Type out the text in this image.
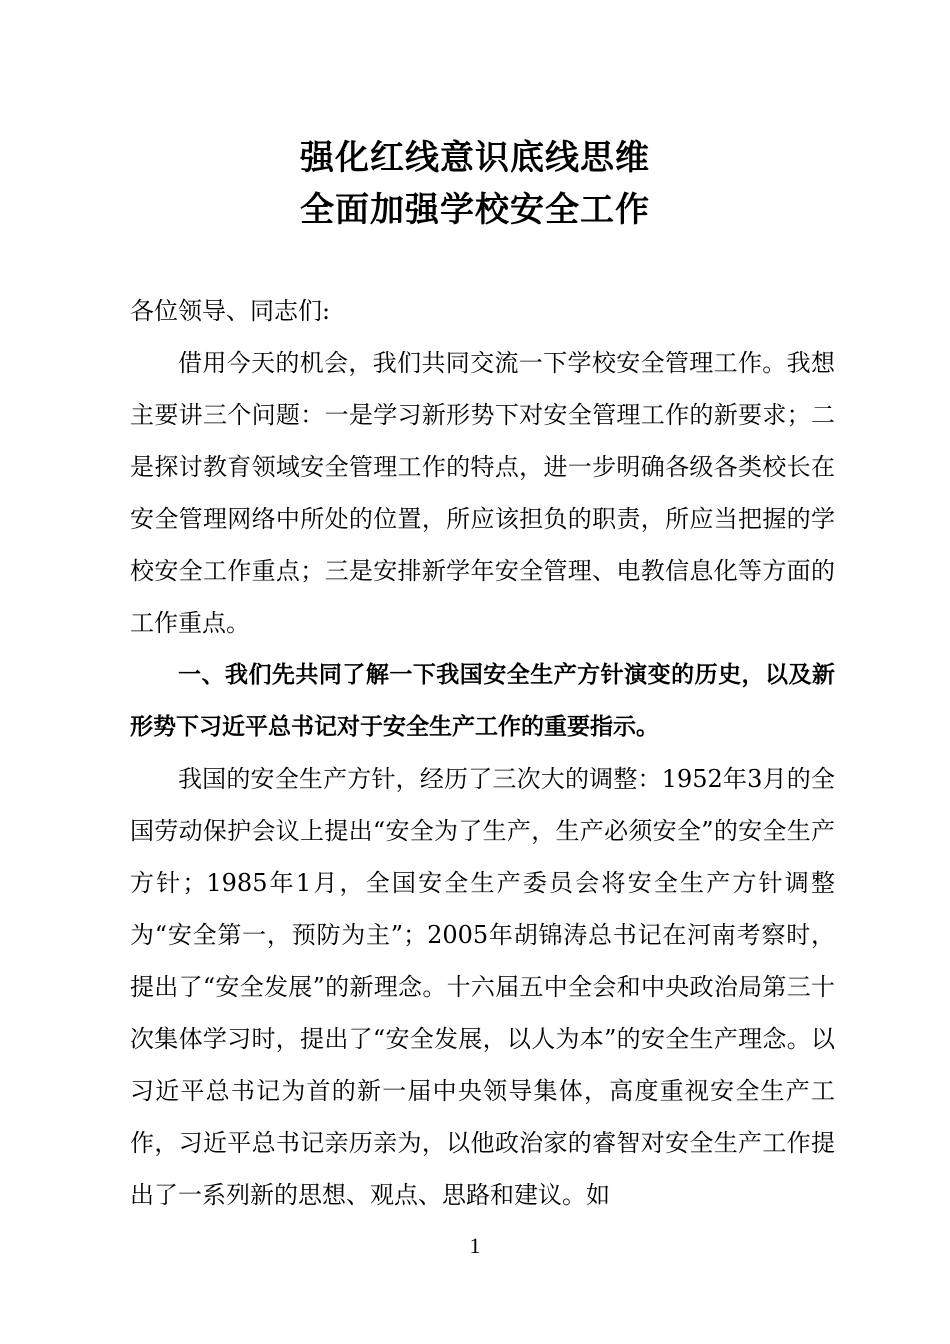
强化红线意识底线思维
全面加强学校安全工作

各位领导、同志们:

借用今天的机会，我们共同交流一下学校安全管理工作。我想主要讲三个问题：一是学习新形势下对安全管理工作的新要求；二是探讨教育领域安全管理工作的特点，进一步明确各级各类校长在安全管理网络中所处的位置，所应该担负的职责，所应当把握的学校安全工作重点；三是安排新学年安全管理、电教信息化等方面的工作重点。

一、我们先共同了解一下我国安全生产方针演变的历史，以及新形势下习近平总书记对于安全生产工作的重要指示。

我国的安全生产方针，经历了三次大的调整：1952年3月的全国劳动保护会议上提出“安全为了生产，生产必须安全”的安全生产方针；1985年1月，全国安全生产委员会将安全生产方针调整为“安全第一，预防为主”；2005年胡锦涛总书记在河南考察时，提出了“安全发展”的新理念。十六届五中全会和中央政治局第三十次集体学习时，提出了“安全发展，以人为本”的安全生产理念。以习近平总书记为首的新一届中央领导集体，高度重视安全生产工作，习近平总书记亲历亲为，以他政治家的睿智对安全生产工作提出了一系列新的思想、观点、思路和建议。如

1
